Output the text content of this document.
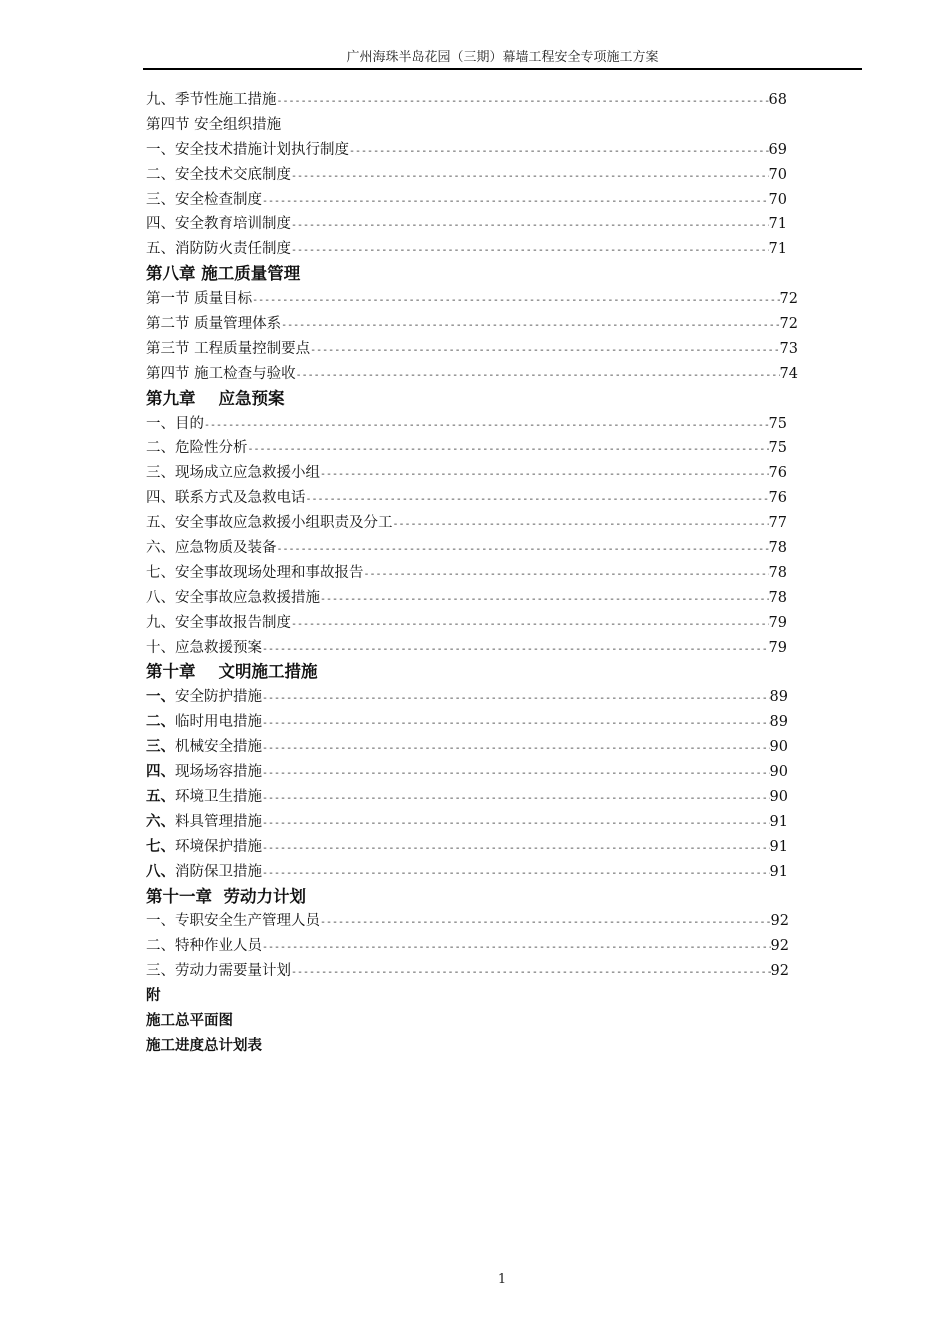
广州海珠半岛花园（三期）幕墙工程安全专项施工方案
九、季节性施工措施 -----	68
第四节 安全组织措施
一、安全技术措施计划执行制度 -----	69
二、安全技术交底制度 -----	70
三、安全检查制度 -----	70
四、安全教育培训制度 -----	71
五、消防防火责任制度 -----	71
第八章 施工质量管理
第一节 质量目标 -----	72
第二节 质量管理体系 -----	72
第三节 工程质量控制要点 -----	73
第四节 施工检查与验收 -----	74
第九章    应急预案
一、目的 -----	75
二、危险性分析 -----	75
三、现场成立应急救援小组 -----	76
四、联系方式及急救电话 -----	76
五、安全事故应急救援小组职责及分工 -----	77
六、应急物质及装备 -----	78
七、安全事故现场处理和事故报告 -----	78
八、安全事故应急救援措施 -----	78
九、安全事故报告制度 -----	79
十、应急救援预案 -----	79
第十章    文明施工措施
一、 安全防护措施 -----	89
二、 临时用电措施 -----	89
三、 机械安全措施 -----	90
四、 现场场容措施 -----	90
五、 环境卫生措施 -----	90
六、 料具管理措施 -----	91
七、 环境保护措施 -----	91
八、 消防保卫措施 -----	91
第十一章  劳动力计划
一、专职安全生产管理人员 -----	92
二、特种作业人员 -----	92
三、劳动力需要量计划 -----	92
附
施工总平面图
施工进度总计划表
1
